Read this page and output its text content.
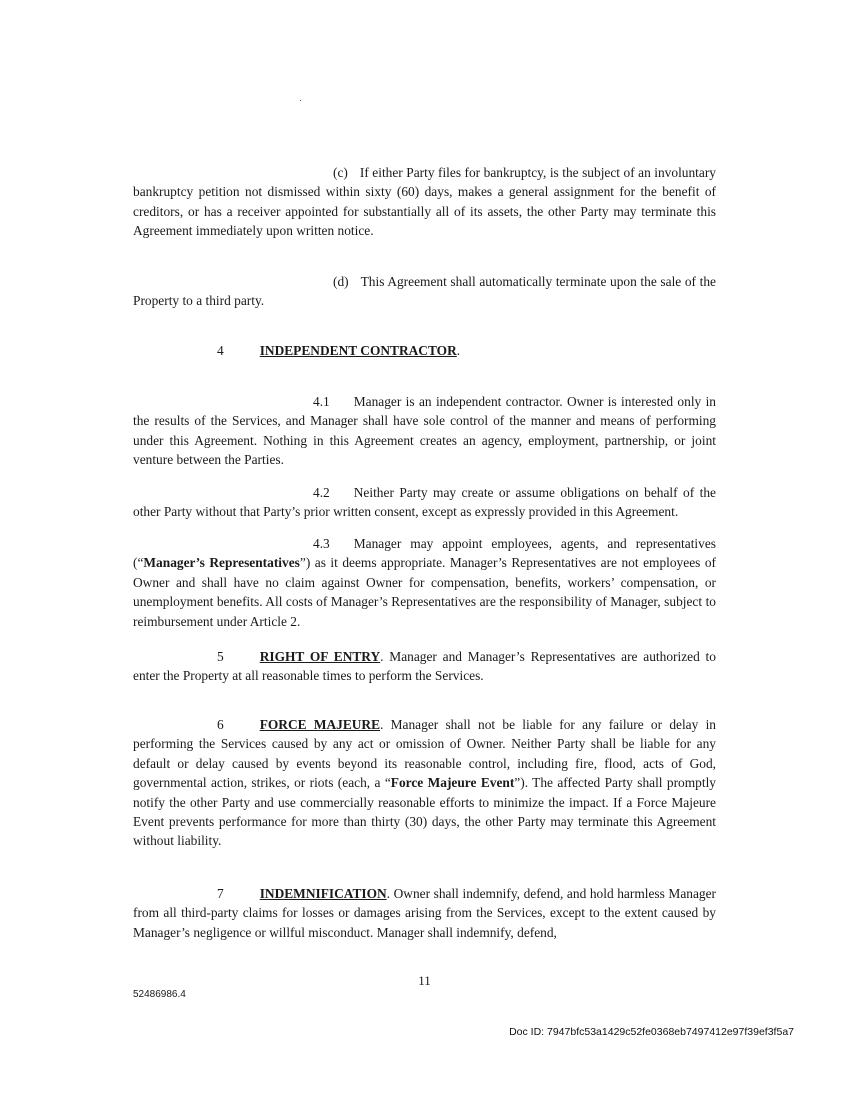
(c) If either Party files for bankruptcy, is the subject of an involuntary bankruptcy petition not dismissed within sixty (60) days, makes a general assignment for the benefit of creditors, or has a receiver appointed for substantially all of its assets, the other Party may terminate this Agreement immediately upon written notice.

(d) This Agreement shall automatically terminate upon the sale of the Property to a third party.

4	INDEPENDENT CONTRACTOR.

4.1 Manager is an independent contractor. Owner is interested only in the results of the Services, and Manager shall have sole control of the manner and means of performing under this Agreement. Nothing in this Agreement creates an agency, employment, partnership, or joint venture between the Parties.

4.2 Neither Party may create or assume obligations on behalf of the other Party without that Party’s prior written consent, except as expressly provided in this Agreement.

4.3 Manager may appoint employees, agents, and representatives (“Manager’s Representatives”) as it deems appropriate. Manager’s Representatives are not employees of Owner and shall have no claim against Owner for compensation, benefits, workers’ compensation, or unemployment benefits. All costs of Manager’s Representatives are the responsibility of Manager, subject to reimbursement under Article 2.

5	RIGHT OF ENTRY. Manager and Manager’s Representatives are authorized to enter the Property at all reasonable times to perform the Services.

6	FORCE MAJEURE. Manager shall not be liable for any failure or delay in performing the Services caused by any act or omission of Owner. Neither Party shall be liable for any default or delay caused by events beyond its reasonable control, including fire, flood, acts of God, governmental action, strikes, or riots (each, a “Force Majeure Event”). The affected Party shall promptly notify the other Party and use commercially reasonable efforts to minimize the impact. If a Force Majeure Event prevents performance for more than thirty (30) days, the other Party may terminate this Agreement without liability.

7	INDEMNIFICATION. Owner shall indemnify, defend, and hold harmless Manager from all third-party claims for losses or damages arising from the Services, except to the extent caused by Manager’s negligence or willful misconduct. Manager shall indemnify, defend,

11
52486986.4
Doc ID: 7947bfc53a1429c52fe0368eb7497412e97f39ef3f5a7
